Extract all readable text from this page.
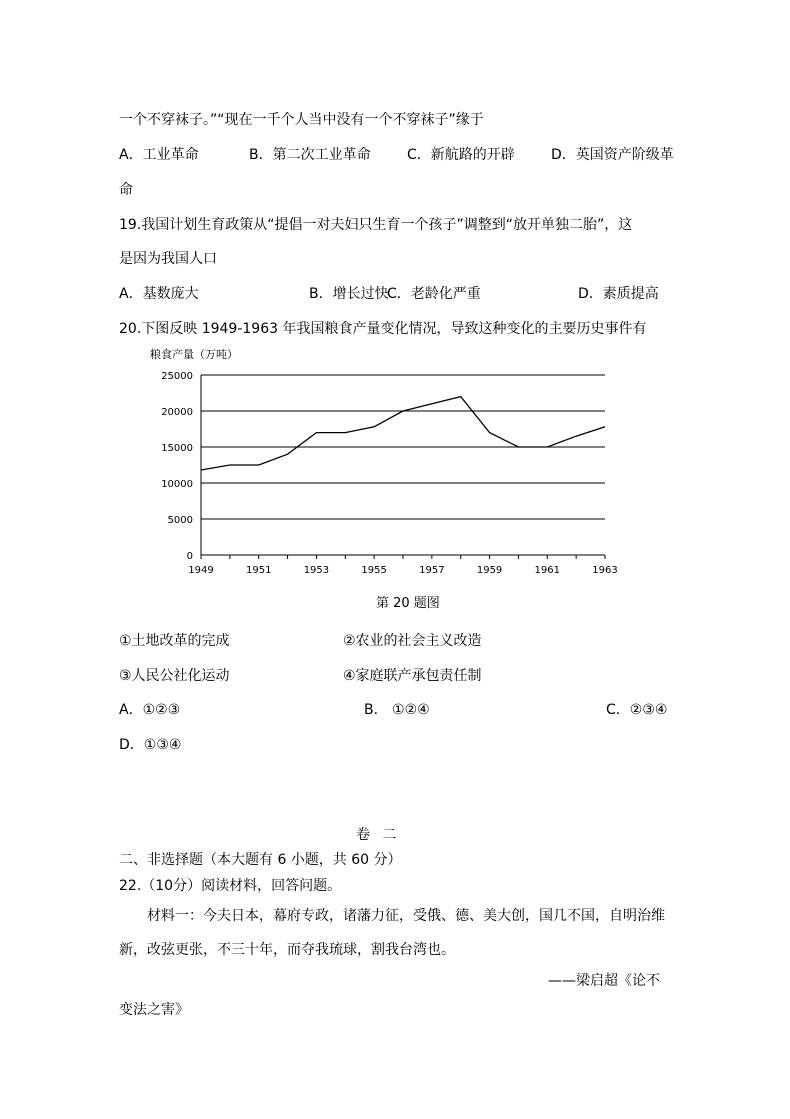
一个不穿袜子。”“现在一千个人当中没有一个不穿袜子”缘于
A．工业革命	B．第二次工业革命	C．新航路的开辟	D．英国资产阶级革
命
19.我国计划生育政策从“提倡一对夫妇只生育一个孩子”调整到“放开单独二胎”，这
是因为我国人口
A．基数庞大	B．增长过快
C．老龄化严重	D．素质提高
20.下图反映 1949-1963 年我国粮食产量变化情况，导致这种变化的主要历史事件有
粮食产量（万吨）
0
5000
10000
15000
20000
25000
1949	1951	1953	1955	1957	1959	1961	1963
第 20 题图
①土地改革的完成	②农业的社会主义改造
③人民公社化运动	④家庭联产承包责任制
A．①②③	B． ①②④	C．②③④
D．①③④
卷 二
二、非选择题（本大题有 6 小题，共 60 分）
22.（10分）阅读材料，回答问题。
材料一：今夫日本，幕府专政，诸藩力征，受俄、德、美大创，国几不国，自明治维
新，改弦更张，不三十年，而夺我琉球，割我台湾也。
——梁启超《论不
变法之害》
